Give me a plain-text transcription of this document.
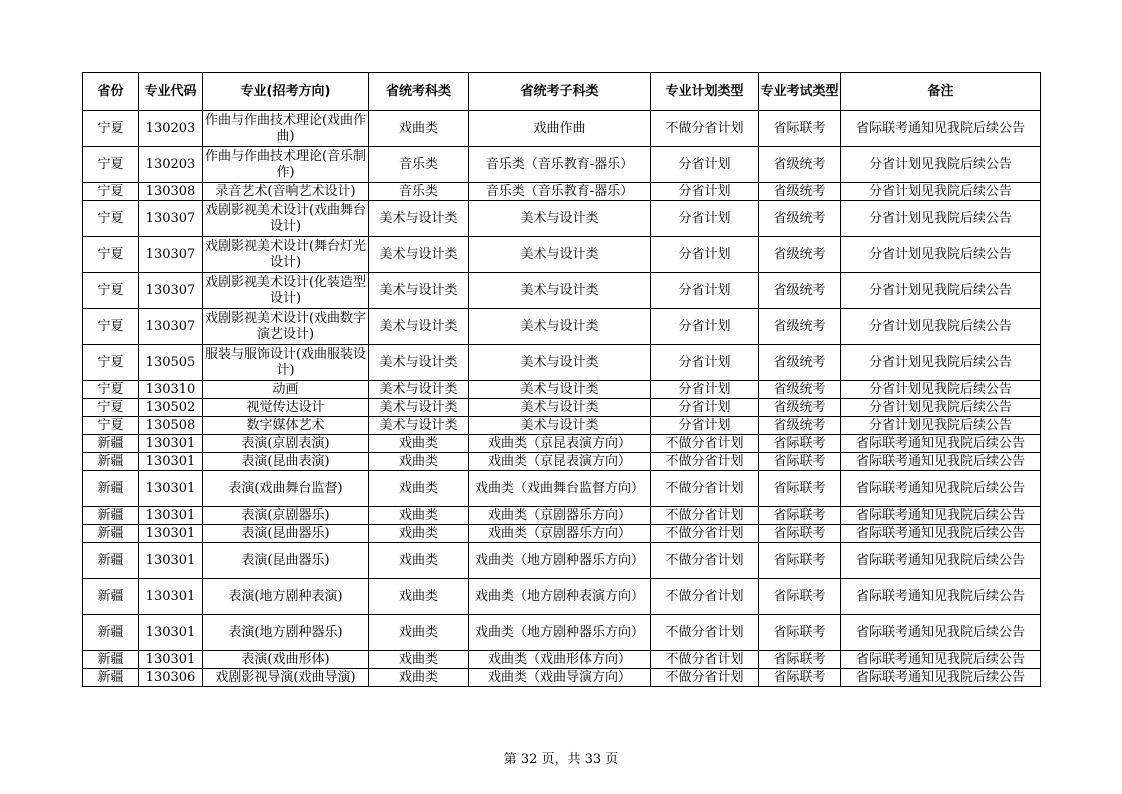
省份	专业代码	专业(招考方向)	省统考科类	省统考子科类	专业计划类型	专业考试类型	备注
宁夏	130203	作曲与作曲技术理论(戏曲作曲)	戏曲类	戏曲作曲	不做分省计划	省际联考	省际联考通知见我院后续公告
宁夏	130203	作曲与作曲技术理论(音乐制作)	音乐类	音乐类（音乐教育-器乐）	分省计划	省级统考	分省计划见我院后续公告
宁夏	130308	录音艺术(音响艺术设计)	音乐类	音乐类（音乐教育-器乐）	分省计划	省级统考	分省计划见我院后续公告
宁夏	130307	戏剧影视美术设计(戏曲舞台设计)	美术与设计类	美术与设计类	分省计划	省级统考	分省计划见我院后续公告
宁夏	130307	戏剧影视美术设计(舞台灯光设计)	美术与设计类	美术与设计类	分省计划	省级统考	分省计划见我院后续公告
宁夏	130307	戏剧影视美术设计(化装造型设计)	美术与设计类	美术与设计类	分省计划	省级统考	分省计划见我院后续公告
宁夏	130307	戏剧影视美术设计(戏曲数字演艺设计)	美术与设计类	美术与设计类	分省计划	省级统考	分省计划见我院后续公告
宁夏	130505	服装与服饰设计(戏曲服装设计)	美术与设计类	美术与设计类	分省计划	省级统考	分省计划见我院后续公告
宁夏	130310	动画	美术与设计类	美术与设计类	分省计划	省级统考	分省计划见我院后续公告
宁夏	130502	视觉传达设计	美术与设计类	美术与设计类	分省计划	省级统考	分省计划见我院后续公告
宁夏	130508	数字媒体艺术	美术与设计类	美术与设计类	分省计划	省级统考	分省计划见我院后续公告
新疆	130301	表演(京剧表演)	戏曲类	戏曲类（京昆表演方向）	不做分省计划	省际联考	省际联考通知见我院后续公告
新疆	130301	表演(昆曲表演)	戏曲类	戏曲类（京昆表演方向）	不做分省计划	省际联考	省际联考通知见我院后续公告
新疆	130301	表演(戏曲舞台监督)	戏曲类	戏曲类（戏曲舞台监督方向）	不做分省计划	省际联考	省际联考通知见我院后续公告
新疆	130301	表演(京剧器乐)	戏曲类	戏曲类（京剧器乐方向）	不做分省计划	省际联考	省际联考通知见我院后续公告
新疆	130301	表演(昆曲器乐)	戏曲类	戏曲类（京剧器乐方向）	不做分省计划	省际联考	省际联考通知见我院后续公告
新疆	130301	表演(昆曲器乐)	戏曲类	戏曲类（地方剧种器乐方向）	不做分省计划	省际联考	省际联考通知见我院后续公告
新疆	130301	表演(地方剧种表演)	戏曲类	戏曲类（地方剧种表演方向）	不做分省计划	省际联考	省际联考通知见我院后续公告
新疆	130301	表演(地方剧种器乐)	戏曲类	戏曲类（地方剧种器乐方向）	不做分省计划	省际联考	省际联考通知见我院后续公告
新疆	130301	表演(戏曲形体)	戏曲类	戏曲类（戏曲形体方向）	不做分省计划	省际联考	省际联考通知见我院后续公告
新疆	130306	戏剧影视导演(戏曲导演)	戏曲类	戏曲类（戏曲导演方向）	不做分省计划	省际联考	省际联考通知见我院后续公告
第 32 页，共 33 页
